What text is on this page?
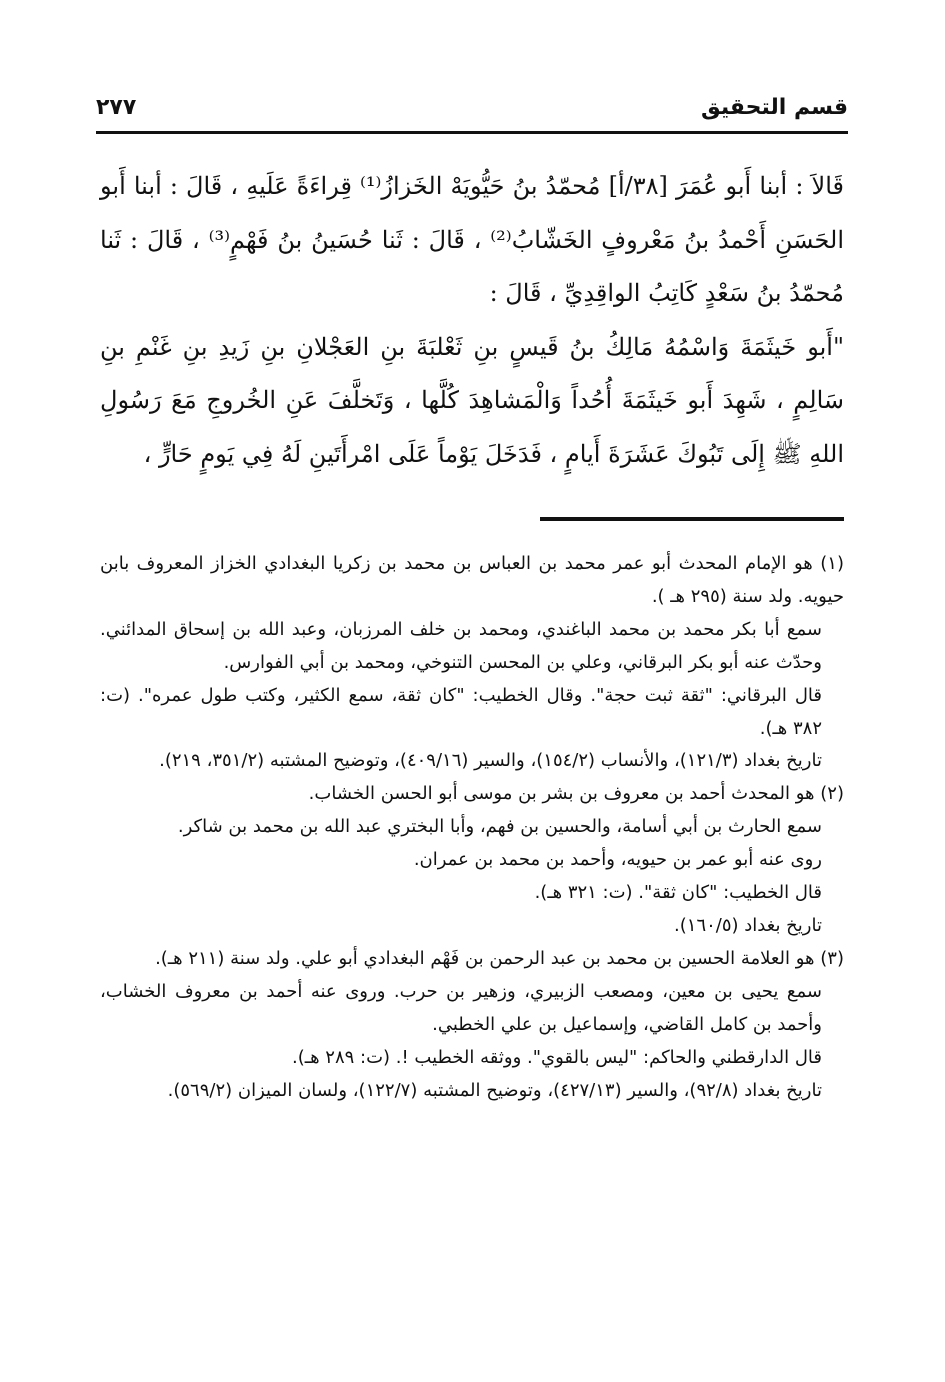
قسم التحقيق
٢٧٧

قَالاَ : أبنا أَبو عُمَرَ [٣٨/أ] مُحمّدُ بنُ حَيُّويَهْ الخَزازُ⁽¹⁾ قِراءَةً عَلَيهِ ، قَالَ : أبنا أَبو الحَسَنِ أَحْمدُ بنُ مَعْروفٍ الخَشّابُ⁽²⁾ ، قَالَ : ثَنا حُسَينُ بنُ فَهْمٍ⁽³⁾ ، قَالَ : ثَنا مُحمّدُ بنُ سَعْدٍ كَاتِبُ الواقِدِيِّ ، قَالَ :

"أَبو خَيثَمَةَ وَاسْمُهُ مَالِكُ بنُ قَيسٍ بنِ ثَعْلبَةَ بنِ العَجْلانِ بنِ زَيدِ بنِ غَنْمِ بنِ سَالِمٍ ، شَهِدَ أَبو خَيثَمَةَ أُحُداً وَالْمَشاهِدَ كُلَّها ، وَتَخلَّفَ عَنِ الخُروجِ مَعَ رَسُولِ اللهِ ﷺ إِلَى تَبُوكَ عَشَرَةَ أَيامٍ ، فَدَخَلَ يَوْماً عَلَى امْرأَتَينِ لَهُ فِي يَومٍ حَارٍّ ،

(١) هو الإمام المحدث أبو عمر محمد بن العباس بن محمد بن زكريا البغدادي الخزاز المعروف بابن حيويه. ولد سنة (٢٩٥ هـ ).

سمع أبا بكر محمد بن محمد الباغندي، ومحمد بن خلف المرزبان، وعبد الله بن إسحاق المدائني. وحدّث عنه أبو بكر البرقاني، وعلي بن المحسن التنوخي، ومحمد بن أبي الفوارس.

قال البرقاني: "ثقة ثبت حجة". وقال الخطيب: "كان ثقة، سمع الكثير، وكتب طول عمره". (ت: ٣٨٢ هـ).

تاريخ بغداد (١٢١/٣)، والأنساب (١٥٤/٢)، والسير (٤٠٩/١٦)، وتوضيح المشتبه (٣٥١/٢، ٢١٩).

(٢) هو المحدث أحمد بن معروف بن بشر بن موسى أبو الحسن الخشاب.

سمع الحارث بن أبي أسامة، والحسين بن فهم، وأبا البختري عبد الله بن محمد بن شاكر.

روى عنه أبو عمر بن حيويه، وأحمد بن محمد بن عمران.

قال الخطيب: "كان ثقة". (ت: ٣٢١ هـ).

تاريخ بغداد (١٦٠/٥).

(٣) هو العلامة الحسين بن محمد بن عبد الرحمن بن فَهْم البغدادي أبو علي. ولد سنة (٢١١ هـ).

سمع يحيى بن معين، ومصعب الزبيري، وزهير بن حرب. وروى عنه أحمد بن معروف الخشاب، وأحمد بن كامل القاضي، وإسماعيل بن علي الخطبي.

قال الدارقطني والحاكم: "ليس بالقوي". ووثقه الخطيب !. (ت: ٢٨٩ هـ).

تاريخ بغداد (٩٢/٨)، والسير (٤٢٧/١٣)، وتوضيح المشتبه (١٢٢/٧)، ولسان الميزان (٥٦٩/٢).
